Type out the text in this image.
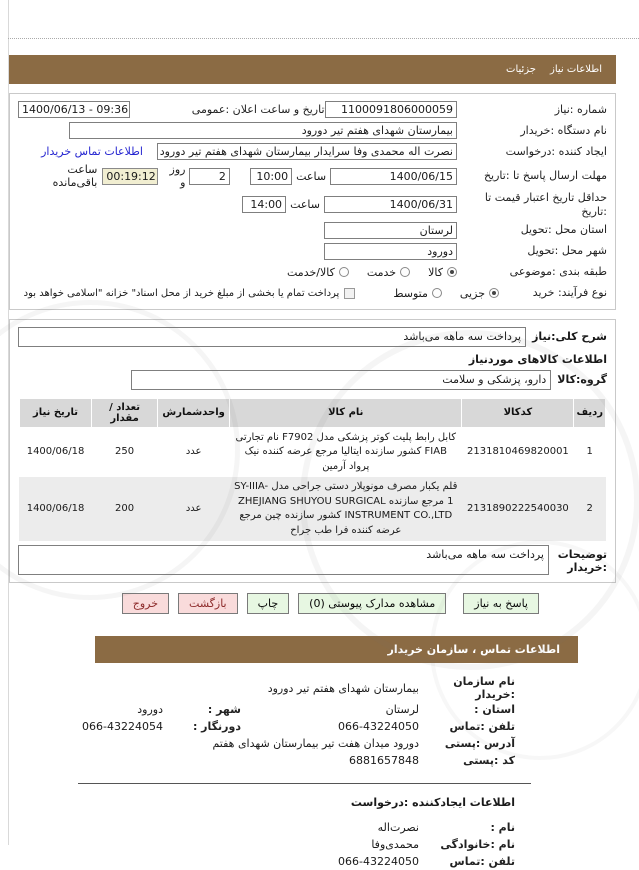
اطلاعات نیاز
جزئیات
شماره :نیاز
1100091806000059
تاریخ و ساعت اعلان :عمومی
1400/06/13 - 09:36
نام دستگاه :خریدار
بیمارستان شهدای هفتم تیر دورود
ایجاد کننده :درخواست
نصرت اله محمدی وفا سرایدار بیمارستان شهدای هفتم تیر دورود
اطلاعات تماس خریدار
مهلت ارسال پاسخ تا :تاریخ
1400/06/15
ساعت
10:00
2
روز و
00:19:12
ساعت باقی‌مانده
حداقل تاریخ اعتبار قیمت تا :تاریخ
1400/06/31
ساعت
14:00
استان محل :تحویل
لرستان
شهر محل :تحویل
دورود
طبقه بندی :موضوعی
کالا
خدمت
کالا/خدمت
نوع فرآیند: خرید
جزیی
متوسط
پرداخت تمام یا بخشی از مبلغ خرید از محل اسناد" خزانه "اسلامی خواهد بود
شرح کلی:نیاز
پرداخت سه ماهه می‌باشد
اطلاعات کالاهای موردنیاز
گروه:کالا
دارو، پزشکی و سلامت
ردیف	کدکالا	نام کالا	واحدشمارش	تعداد / مقدار	تاریخ نیاز
1	2131810469820001	کابل رابط پلیت کوتر پزشکی مدل F7902 نام تجارتی FIAB کشور سازنده ایتالیا مرجع عرضه کننده نیک پرواد آرمین	عدد	250	1400/06/18
2	2131890222540030	قلم یکبار مصرف مونوپلار دستی جراحی مدل SY-IIIA-1 مرجع سازنده ZHEJIANG SHUYOU SURGICAL INSTRUMENT CO.,LTD کشور سازنده چین مرجع عرضه کننده فرا طب جراح	عدد	200	1400/06/18
توضیحات :خریدار
پرداخت سه ماهه می‌باشد
پاسخ به نیاز
مشاهده مدارک پیوستی (0)
چاپ
بازگشت
خروج
اطلاعات تماس ، سازمان خریدار
نام سازمان :خریدار
بیمارستان شهدای هفتم تیر دورود
استان :
لرستان
شهر :
دورود
تلفن :تماس
066-43224050
دورنگار :
066-43224054
آدرس :پستی
دورود میدان هفت تیر بیمارستان شهدای هفتم
کد :پستی
6881657848
اطلاعات ایجادکننده :درخواست
نام :
نصرت‌اله
نام :خانوادگی
محمدی‌وفا
تلفن :تماس
066-43224050
